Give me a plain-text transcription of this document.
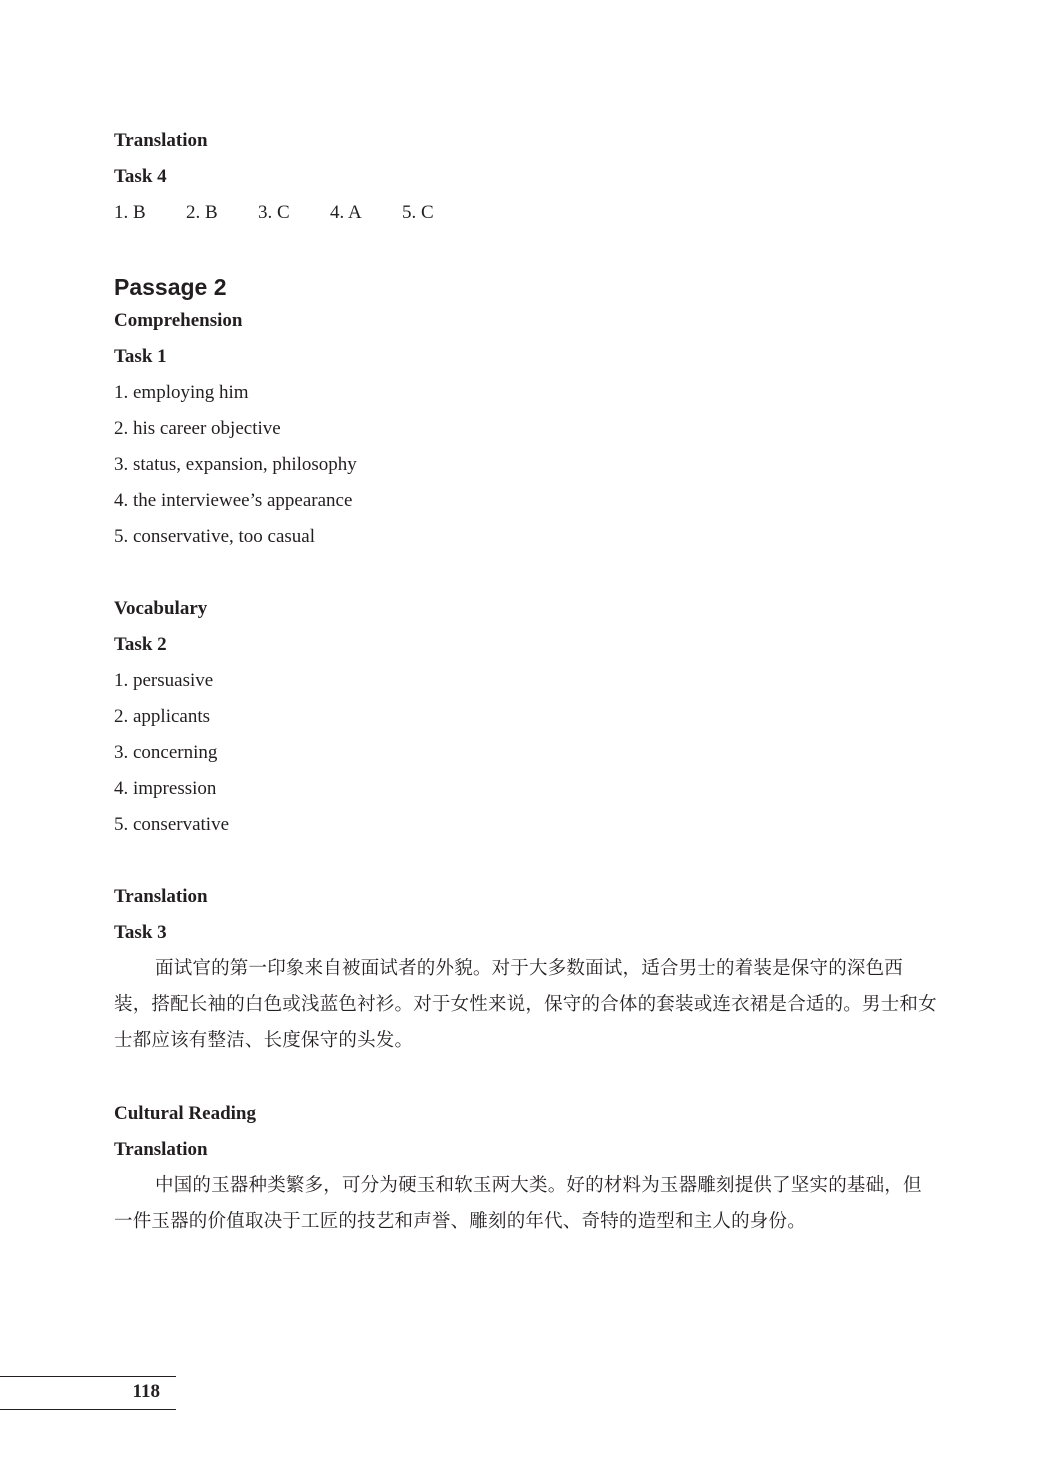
Translation
Task 4
1. B 2. B 3. C 4. A 5. C
Passage 2
Comprehension
Task 1
1. employing him
2. his career objective
3. status, expansion, philosophy
4. the interviewee’s appearance
5. conservative, too casual
Vocabulary
Task 2
1. persuasive
2. applicants
3. concerning
4. impression
5. conservative
Translation
Task 3
面试官的第一印象来自被面试者的外貌。对于大多数面试，适合男士的着装是保守的深色西装，搭配长袖的白色或浅蓝色衬衫。对于女性来说，保守的合体的套装或连衣裙是合适的。男士和女士都应该有整洁、长度保守的头发。
Cultural Reading
Translation
中国的玉器种类繁多，可分为硬玉和软玉两大类。好的材料为玉器雕刻提供了坚实的基础，但一件玉器的价值取决于工匠的技艺和声誉、雕刻的年代、奇特的造型和主人的身份。
118
